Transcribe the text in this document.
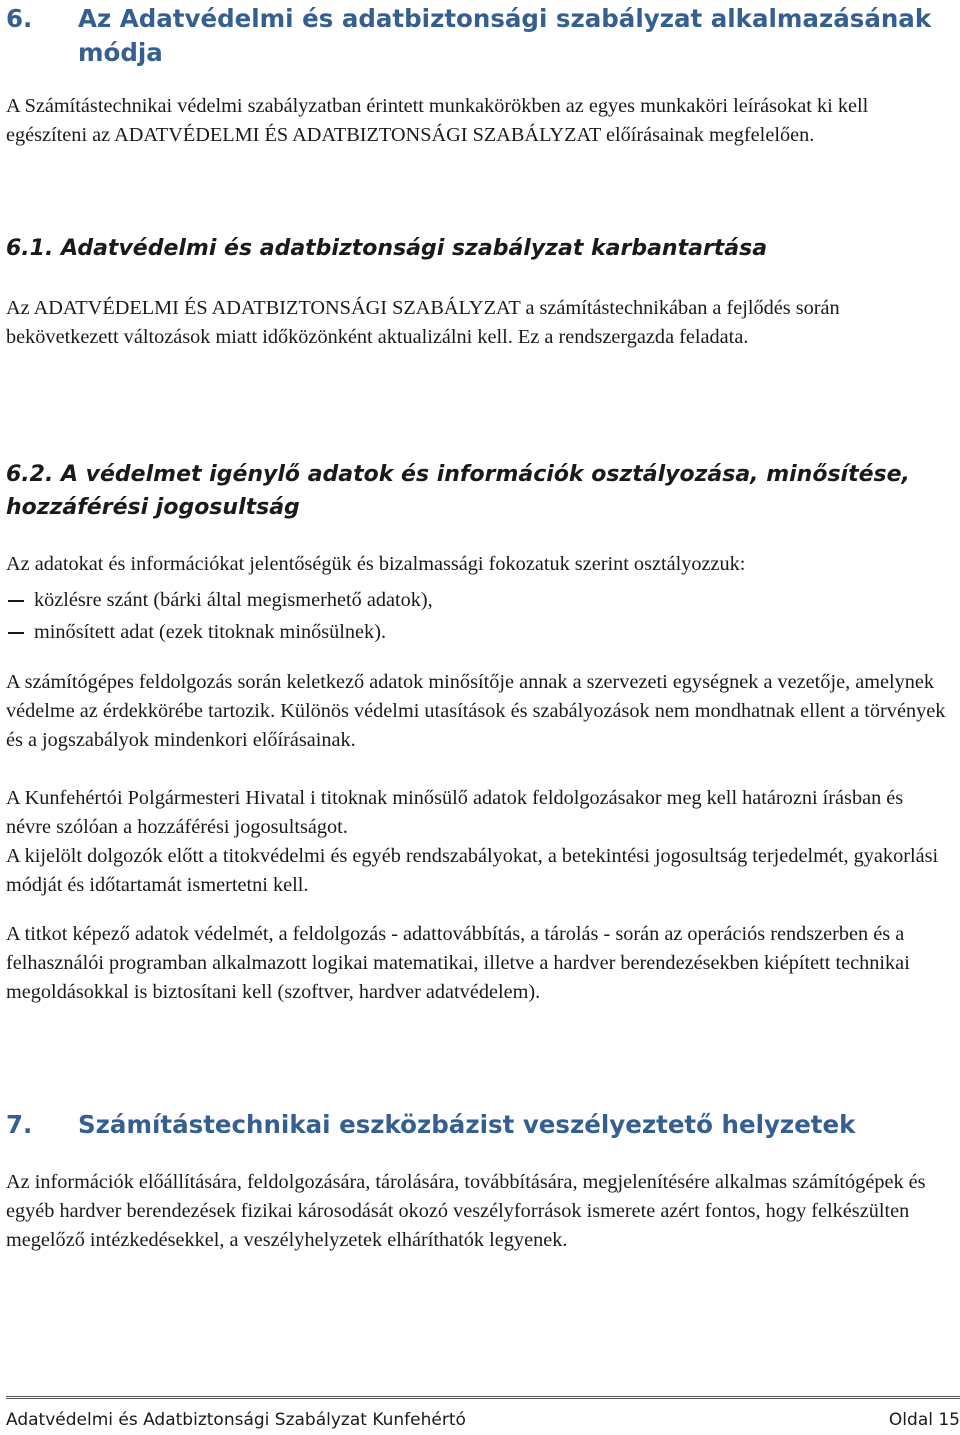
6.	Az Adatvédelmi és adatbiztonsági szabályzat alkalmazásának módja

A Számítástechnikai védelmi szabályzatban érintett munkakörökben az egyes munkaköri leírásokat ki kell egészíteni az ADATVÉDELMI ÉS ADATBIZTONSÁGI SZABÁLYZAT előírásainak megfelelően.

6.1. Adatvédelmi és adatbiztonsági szabályzat karbantartása

Az ADATVÉDELMI ÉS ADATBIZTONSÁGI SZABÁLYZAT a számítástechnikában a fejlődés során bekövetkezett változások miatt időközönként aktualizálni kell. Ez a rendszergazda feladata.

6.2. A védelmet igénylő adatok és információk osztályozása, minősítése, hozzáférési jogosultság

Az adatokat és információkat jelentőségük és bizalmassági fokozatuk szerint osztályozzuk:

közlésre szánt (bárki által megismerhető adatok),
minősített adat (ezek titoknak minősülnek).

A számítógépes feldolgozás során keletkező adatok minősítője annak a szervezeti egységnek a vezetője, amelynek védelme az érdekkörébe tartozik. Különös védelmi utasítások és szabályozások nem mondhatnak ellent a törvények és a jogszabályok mindenkori előírásainak.

A Kunfehértói Polgármesteri Hivatal i titoknak minősülő adatok feldolgozásakor meg kell határozni írásban és névre szólóan a hozzáférési jogosultságot.

A kijelölt dolgozók előtt a titokvédelmi és egyéb rendszabályokat, a betekintési jogosultság terjedelmét, gyakorlási módját és időtartamát ismertetni kell.

A titkot képező adatok védelmét, a feldolgozás - adattovábbítás, a tárolás - során az operációs rendszerben és a felhasználói programban alkalmazott logikai matematikai, illetve a hardver berendezésekben kiépített technikai megoldásokkal is biztosítani kell (szoftver, hardver adatvédelem).

7.	Számítástechnikai eszközbázist veszélyeztető helyzetek

Az információk előállítására, feldolgozására, tárolására, továbbítására, megjelenítésére alkalmas számítógépek és egyéb hardver berendezések fizikai károsodását okozó veszélyforrások ismerete azért fontos, hogy felkészülten megelőző intézkedésekkel, a veszélyhelyzetek elháríthatók legyenek.

Adatvédelmi és Adatbiztonsági Szabályzat Kunfehértó	Oldal 15
